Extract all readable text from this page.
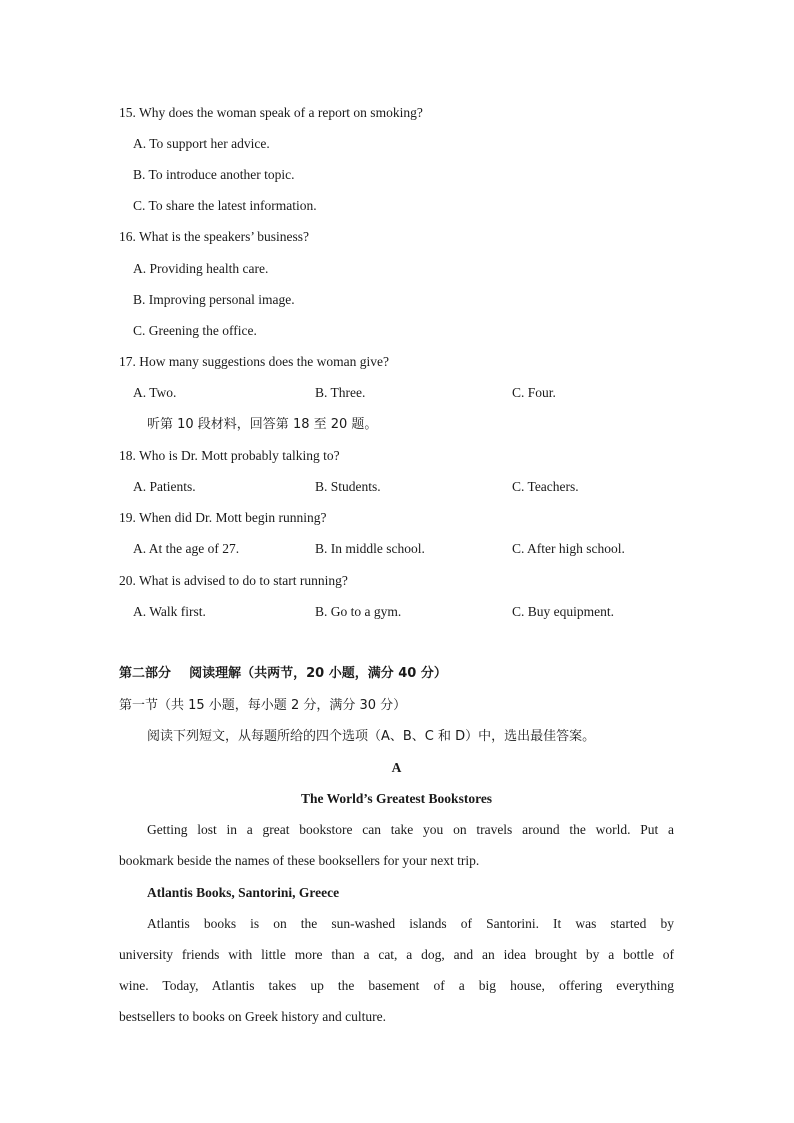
15. Why does the woman speak of a report on smoking?
A. To support her advice.
B. To introduce another topic.
C. To share the latest information.
16. What is the speakers’ business?
A. Providing health care.
B. Improving personal image.
C. Greening the office.
17. How many suggestions does the woman give?
A. Two.	B. Three.	C. Four.
听第 10 段材料，回答第 18 至 20 题。
18. Who is Dr. Mott probably talking to?
A. Patients.	B. Students.	C. Teachers.
19. When did Dr. Mott begin running?
A. At the age of 27.	B. In middle school.	C. After high school.
20. What is advised to do to start running?
A. Walk first.	B. Go to a gym.	C. Buy equipment.
第二部分    阅读理解（共两节，20 小题，满分 40 分）
第一节（共 15 小题，每小题 2 分，满分 30 分）
阅读下列短文，从每题所给的四个选项（A、B、C 和 D）中，选出最佳答案。
A
The World’s Greatest Bookstores
Getting lost in a great bookstore can take you on travels around the world. Put a
bookmark beside the names of these booksellers for your next trip.
Atlantis Books, Santorini, Greece
Atlantis books is on the sun-washed islands of Santorini. It was started by
university friends with little more than a cat, a dog, and an idea brought by a bottle of
wine. Today, Atlantis takes up the basement of a big house, offering everything
bestsellers to books on Greek history and culture.
